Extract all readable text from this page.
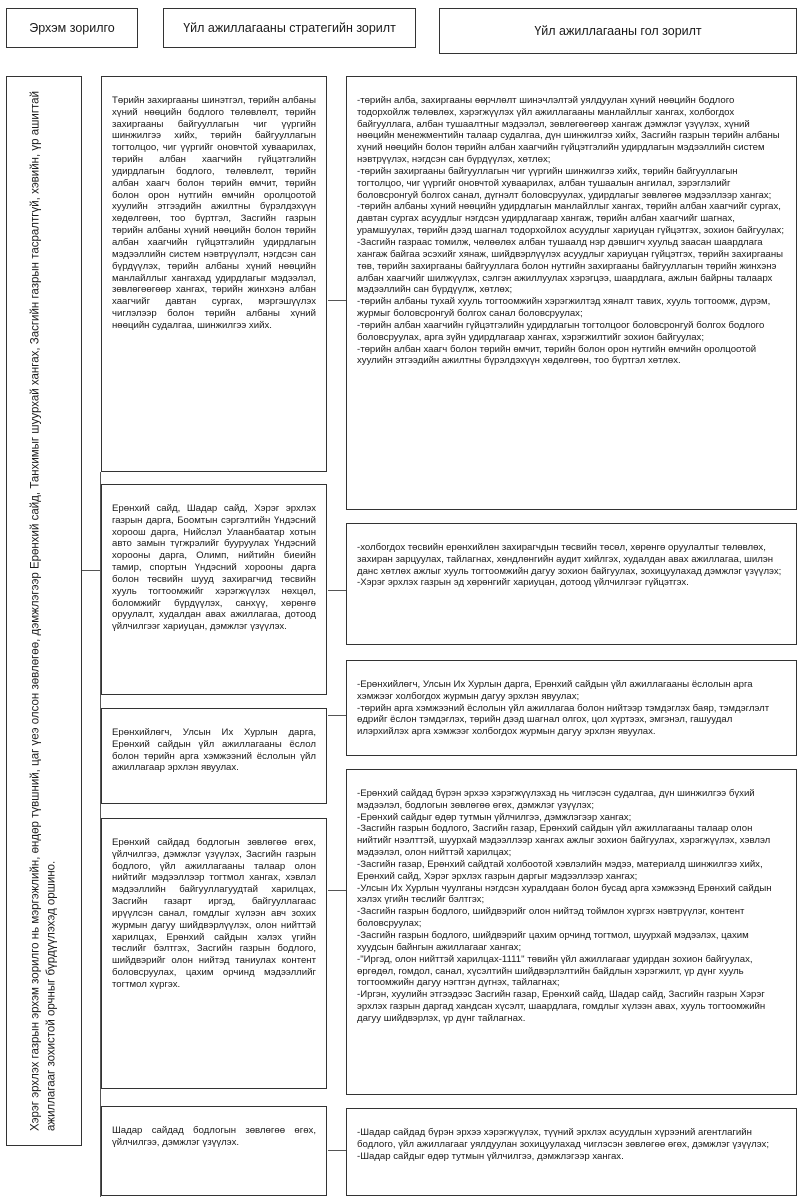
Эрхэм зорилго	Үйл ажиллагааны стратегийн зорилт	Үйл ажиллагааны гол зорилт
Хэрэг эрхлэх газрын эрхэм зорилго нь мэргэжлийн, өндөр түвшний, цаг үеэ олсон зөвлөгөө, дэмжлэгээр Ерөнхий сайд, Танхимыг шуурхай хангах, Засгийн газрын тасралтгүй, хэвийн, үр ашигтай ажиллагааг зохистой орчныг бүрдүүлэхэд оршино.

Төрийн захиргааны шинэтгэл, төрийн албаны хүний нөөцийн бодлого төлөвлөлт, төрийн захиргааны байгууллагын чиг үүргийн шинжилгээ хийх, төрийн байгууллагын тогтолцоо, чиг үүргийг оновчтой хуваарилах, төрийн албан хаагчийн гүйцэтгэлийн удирдлагын бодлого, төлөвлөлт, төрийн албан хаагч болон төрийн өмчит, төрийн болон орон нутгийн өмчийн оролцоотой хуулийн этгээдийн ажилтны бүрэлдэхүүн хөдөлгөөн, тоо бүртгэл, Засгийн газрын төрийн албаны хүний нөөцийн болон төрийн албан хаагчийн гүйцэтгэлийн удирдлагын мэдээллийн систем нэвтрүүлэлт, нэгдсэн сан бүрдүүлэх, төрийн албаны хүний нөөцийн манлайллыг хангахад удирдлагыг мэдээлэл, зөвлөгөөгөөр хангах, төрийн жинхэнэ албан хаагчийг давтан сургах, мэргэшүүлэх чиглэлээр болон төрийн албаны хүний нөөцийн судалгаа, шинжилгээ хийх.

-төрийн алба, захиргааны өөрчлөлт шинэчлэлтэй уялдуулан хүний нөөцийн бодлого тодорхойлж төлөвлөх, хэрэгжүүлэх үйл ажиллагааны манлайллыг хангах, холбогдох байгууллага, албан тушаалтныг мэдээлэл, зөвлөгөөгөөр хангаж дэмжлэг үзүүлэх, хүний нөөцийн менежментийн талаар судалгаа, дүн шинжилгээ хийх, Засгийн газрын төрийн албаны хүний нөөцийн болон төрийн албан хаагчийн гүйцэтгэлийн удирдлагын мэдээллийн систем нэвтрүүлэх, нэгдсэн сан бүрдүүлэх, хөтлөх;
-төрийн захиргааны байгууллагын чиг үүргийн шинжилгээ хийх, төрийн байгууллагын тогтолцоо, чиг үүргийг оновчтой хуваарилах, албан тушаалын ангилал, зэрэглэлийг боловсронгуй болгох санал, дүгнэлт боловсруулах, удирдлагыг зөвлөгөө мэдээллээр хангах;
-төрийн албаны хүний нөөцийн удирдлагын манлайллыг хангах, төрийн албан хаагчийг сургах, давтан сургах асуудлыг нэгдсэн удирдлагаар хангаж, төрийн албан хаагчийг шагнах, урамшуулах, төрийн дээд шагнал тодорхойлох асуудлыг хариуцан гүйцэтгэх, зохион байгуулах;
-Засгийн газраас томилж, чөлөөлөх албан тушаалд нэр дэвшигч хуульд заасан шаардлага хангаж байгаа эсэхийг хянаж, шийдвэрлүүлэх асуудлыг хариуцан гүйцэтгэх, төрийн захиргааны төв, төрийн захиргааны байгууллага болон нутгийн захиргааны байгууллагын төрийн жинхэнэ албан хаагчийг шилжүүлэх, сэлгэн ажиллуулах хэрэгцээ, шаардлага, ажлын байрны талаарх мэдээллийн сан бүрдүүлж, хөтлөх;
-төрийн албаны тухай хууль тогтоомжийн хэрэгжилтэд хяналт тавих, хууль тогтоомж, дүрэм, журмыг боловсронгуй болгох санал боловсруулах;
-төрийн албан хаагчийн гүйцэтгэлийн удирдлагын тогтолцоог боловсронгуй болгох бодлого боловсруулах, арга зүйн удирдлагаар хангах, хэрэгжилтийг зохион байгуулах;
-төрийн албан хаагч болон төрийн өмчит, төрийн болон орон нутгийн өмчийн оролцоотой хуулийн этгээдийн ажилтны бүрэлдэхүүн хөдөлгөөн, тоо бүртгэл хөтлөх.

Ерөнхий сайд, Шадар сайд, Хэрэг эрхлэх газрын дарга, Боомтын сэргэлтийн Үндэсний хороош дарга, Нийслэл Улаанбаатар хотын авто замын түгжрэлийг бууруулах Үндэсний хорооны дарга, Олимп, нийтийн биеийн тамир, спортын Үндэсний хорооны дарга болон төсвийн шууд захирагчид төсвийн хууль тогтоомжийг хэрэгжүүлэх нөхцөл, боломжийг бүрдүүлэх, санхүү, хөрөнгө оруулалт, худалдан авах ажиллагаа, дотоод үйлчилгээг хариуцан, дэмжлэг үзүүлэх.

-холбогдох төсвийн ерөнхийлөн захирагчдын төсвийн төсөл, хөрөнгө оруулалтыг төлөвлөх, захиран зарцуулах, тайлагнах, хөндлөнгийн аудит хийлгэх, худалдан авах ажиллагаа, шилэн данс хөтлөх ажлыг хууль тогтоомжийн дагуу зохион байгуулах, зохицуулахад дэмжлэг үзүүлэх;
-Хэрэг эрхлэх газрын эд хөрөнгийг хариуцан, дотоод үйлчилгээг гүйцэтгэх.

Ерөнхийлөгч, Улсын Их Хурлын дарга, Ерөнхий сайдын үйл ажиллагааны ёслол болон төрийн арга хэмжээний ёслолын үйл ажиллагаар эрхлэн явуулах.

-Ерөнхийлөгч, Улсын Их Хурлын дарга, Ерөнхий сайдын үйл ажиллагааны ёслолын арга хэмжээг холбогдох журмын дагуу эрхлэн явуулах;
-төрийн арга хэмжээний ёслолын үйл ажиллагаа болон нийтээр тэмдэглэх баяр, тэмдэглэлт өдрийг ёслон тэмдэглэх, төрийн дээд шагнал олгох, цол хүртээх, эмгэнэл, гашуудал илэрхийлэх арга хэмжээг холбогдох журмын дагуу эрхлэн явуулах.

Ерөнхий сайдад бодлогын зөвлөгөө өгөх, үйлчилгээ, дэмжлэг үзүүлэх, Засгийн газрын бодлого, үйл ажиллагааны талаар олон нийтийг мэдээллээр тогтмол хангах, хэвлэл мэдээллийн байгууллагуудтай харилцах, Засгийн газарт иргэд, байгууллагаас ирүүлсэн санал, гомдлыг хүлээн авч зохих журмын дагуу шийдвэрлүүлэх, олон нийттэй харилцах, Ерөнхий сайдын хэлэх үгийн төслийг бэлтгэх, Засгийн газрын бодлого, шийдвэрийг олон нийтэд таниулах контент боловсруулах, цахим орчинд мэдээллийг тогтмол хүргэх.

-Ерөнхий сайдад бүрэн эрхээ хэрэгжүүлэхэд нь чиглэсэн судалгаа, дүн шинжилгээ бүхий мэдээлэл, бодлогын зөвлөгөө өгөх, дэмжлэг үзүүлэх;
-Ерөнхий сайдыг өдөр тутмын үйлчилгээ, дэмжлэгээр хангах;
-Засгийн газрын бодлого, Засгийн газар, Ерөнхий сайдын үйл ажиллагааны талаар олон нийтийг нээлттэй, шуурхай мэдээллээр хангах ажлыг зохион байгуулах, хэрэгжүүлэх, хэвлэл мэдээлэл, олон нийттэй харилцах;
-Засгийн газар, Ерөнхий сайдтай холбоотой хэвлэлийн мэдээ, материалд шинжилгээ хийх, Ерөнхий сайд, Хэрэг эрхлэх газрын даргыг мэдээллээр хангах;
-Улсын Их Хурлын чуулганы нэгдсэн хуралдаан болон бусад арга хэмжээнд Ерөнхий сайдын хэлэх үгийн төслийг бэлтгэх;
-Засгийн газрын бодлого, шийдвэрийг олон нийтэд тоймлон хүргэх нэвтрүүлэг, контент боловсруулах;
-Засгийн газрын бодлого, шийдвэрийг цахим орчинд тогтмол, шуурхай мэдээлэх, цахим хуудсын байнгын ажиллагааг хангах;
-"Иргэд, олон нийттэй харилцах-1111" төвийн үйл ажиллагааг удирдан зохион байгуулах, өргөдөл, гомдол, санал, хүсэлтийн шийдвэрлэлтийн байдлын хэрэгжилт, үр дүнг хууль тогтоомжийн дагуу нэгтгэн дүгнэх, тайлагнах;
-Иргэн, хуулийн этгээдээс Засгийн газар, Ерөнхий сайд, Шадар сайд, Засгийн газрын Хэрэг эрхлэх газрын даргад хандсан хүсэлт, шаардлага, гомдлыг хүлээн авах, хууль тогтоомжийн дагуу шийдвэрлэх, үр дүнг тайлагнах.

Шадар сайдад бодлогын зөвлөгөө өгөх, үйлчилгээ, дэмжлэг үзүүлэх.

-Шадар сайдад бүрэн эрхээ хэрэгжүүлэх, түүний эрхлэх асуудлын хүрээний агентлагийн бодлого, үйл ажиллагааг уялдуулан зохицуулахад чиглэсэн зөвлөгөө өгөх, дэмжлэг үзүүлэх;
-Шадар сайдыг өдөр тутмын үйлчилгээ, дэмжлэгээр хангах.
